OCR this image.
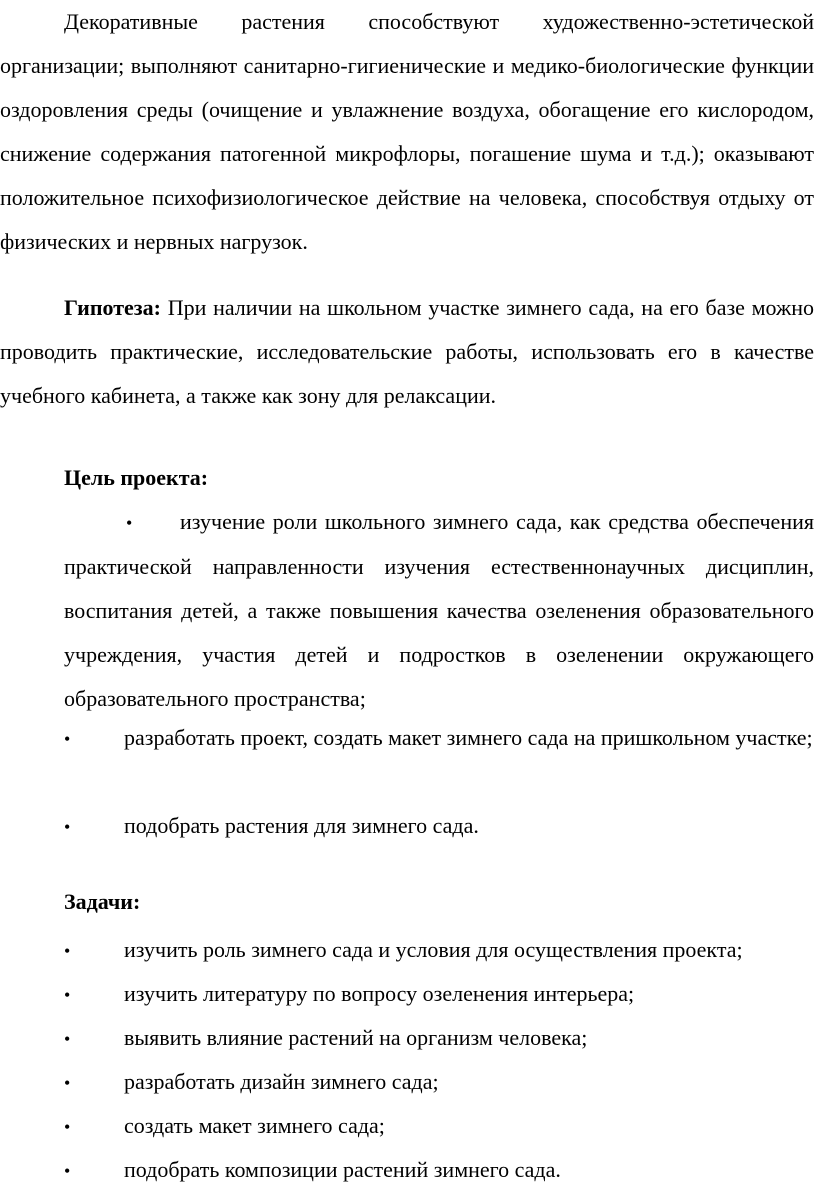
Декоративные растения способствуют художественно-эстетической организации; выполняют санитарно-гигиенические и медико-биологические функции оздоровления среды (очищение и увлажнение воздуха, обогащение его кислородом, снижение содержания патогенной микрофлоры, погашение шума и т.д.); оказывают положительное психофизиологическое действие на человека, способствуя отдыху от физических и нервных нагрузок.

Гипотеза: При наличии на школьном участке зимнего сада, на его базе можно проводить практические, исследовательские работы, использовать его в качестве учебного кабинета, а также как зону для релаксации.

Цель проекта:

• изучение роли школьного зимнего сада, как средства обеспечения практической направленности изучения естественнонаучных дисциплин, воспитания детей, а также повышения качества озеленения образовательного учреждения, участия детей и подростков в озеленении окружающего образовательного пространства;

• разработать проект, создать макет зимнего сада на пришкольном участке;

• подобрать растения для зимнего сада.

Задачи:

• изучить роль зимнего сада и условия для осуществления проекта;

• изучить литературу по вопросу озеленения интерьера;

• выявить влияние растений на организм человека;

• разработать дизайн зимнего сада;

• создать макет зимнего сада;

• подобрать композиции растений зимнего сада.
